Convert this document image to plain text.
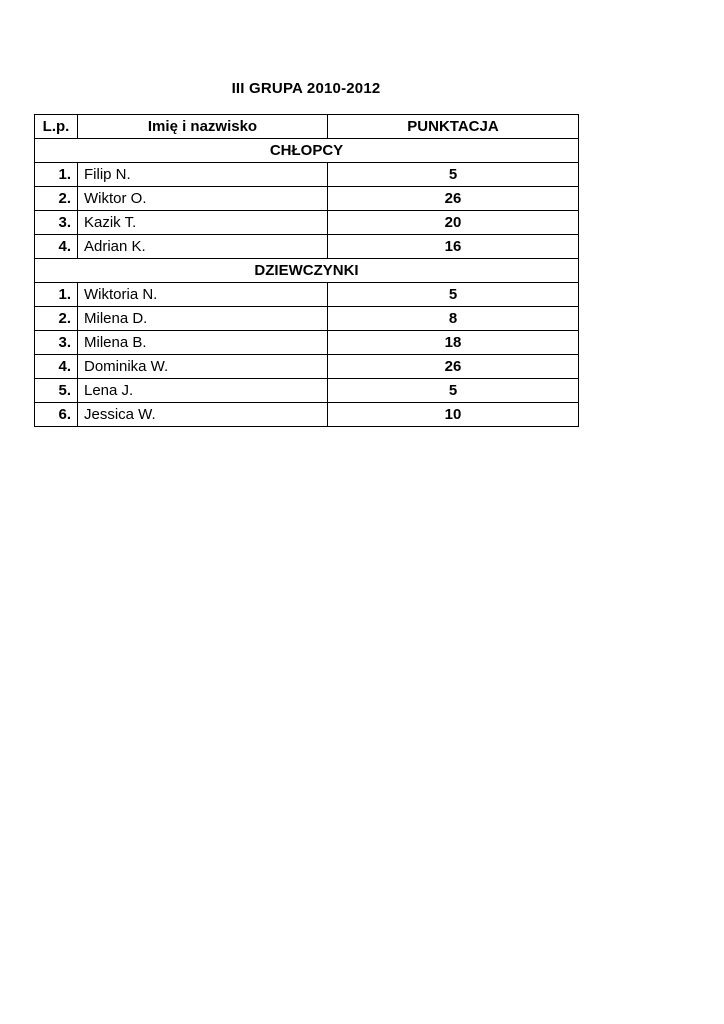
III GRUPA 2010-2012
L.p.	Imię i nazwisko	PUNKTACJA
CHŁOPCY		
1.	Filip N.	5
2.	Wiktor O.	26
3.	Kazik T.	20
4.	Adrian K.	16
DZIEWCZYNKI		
1.	Wiktoria N.	5
2.	Milena D.	8
3.	Milena B.	18
4.	Dominika W.	26
5.	Lena J.	5
6.	Jessica W.	10
